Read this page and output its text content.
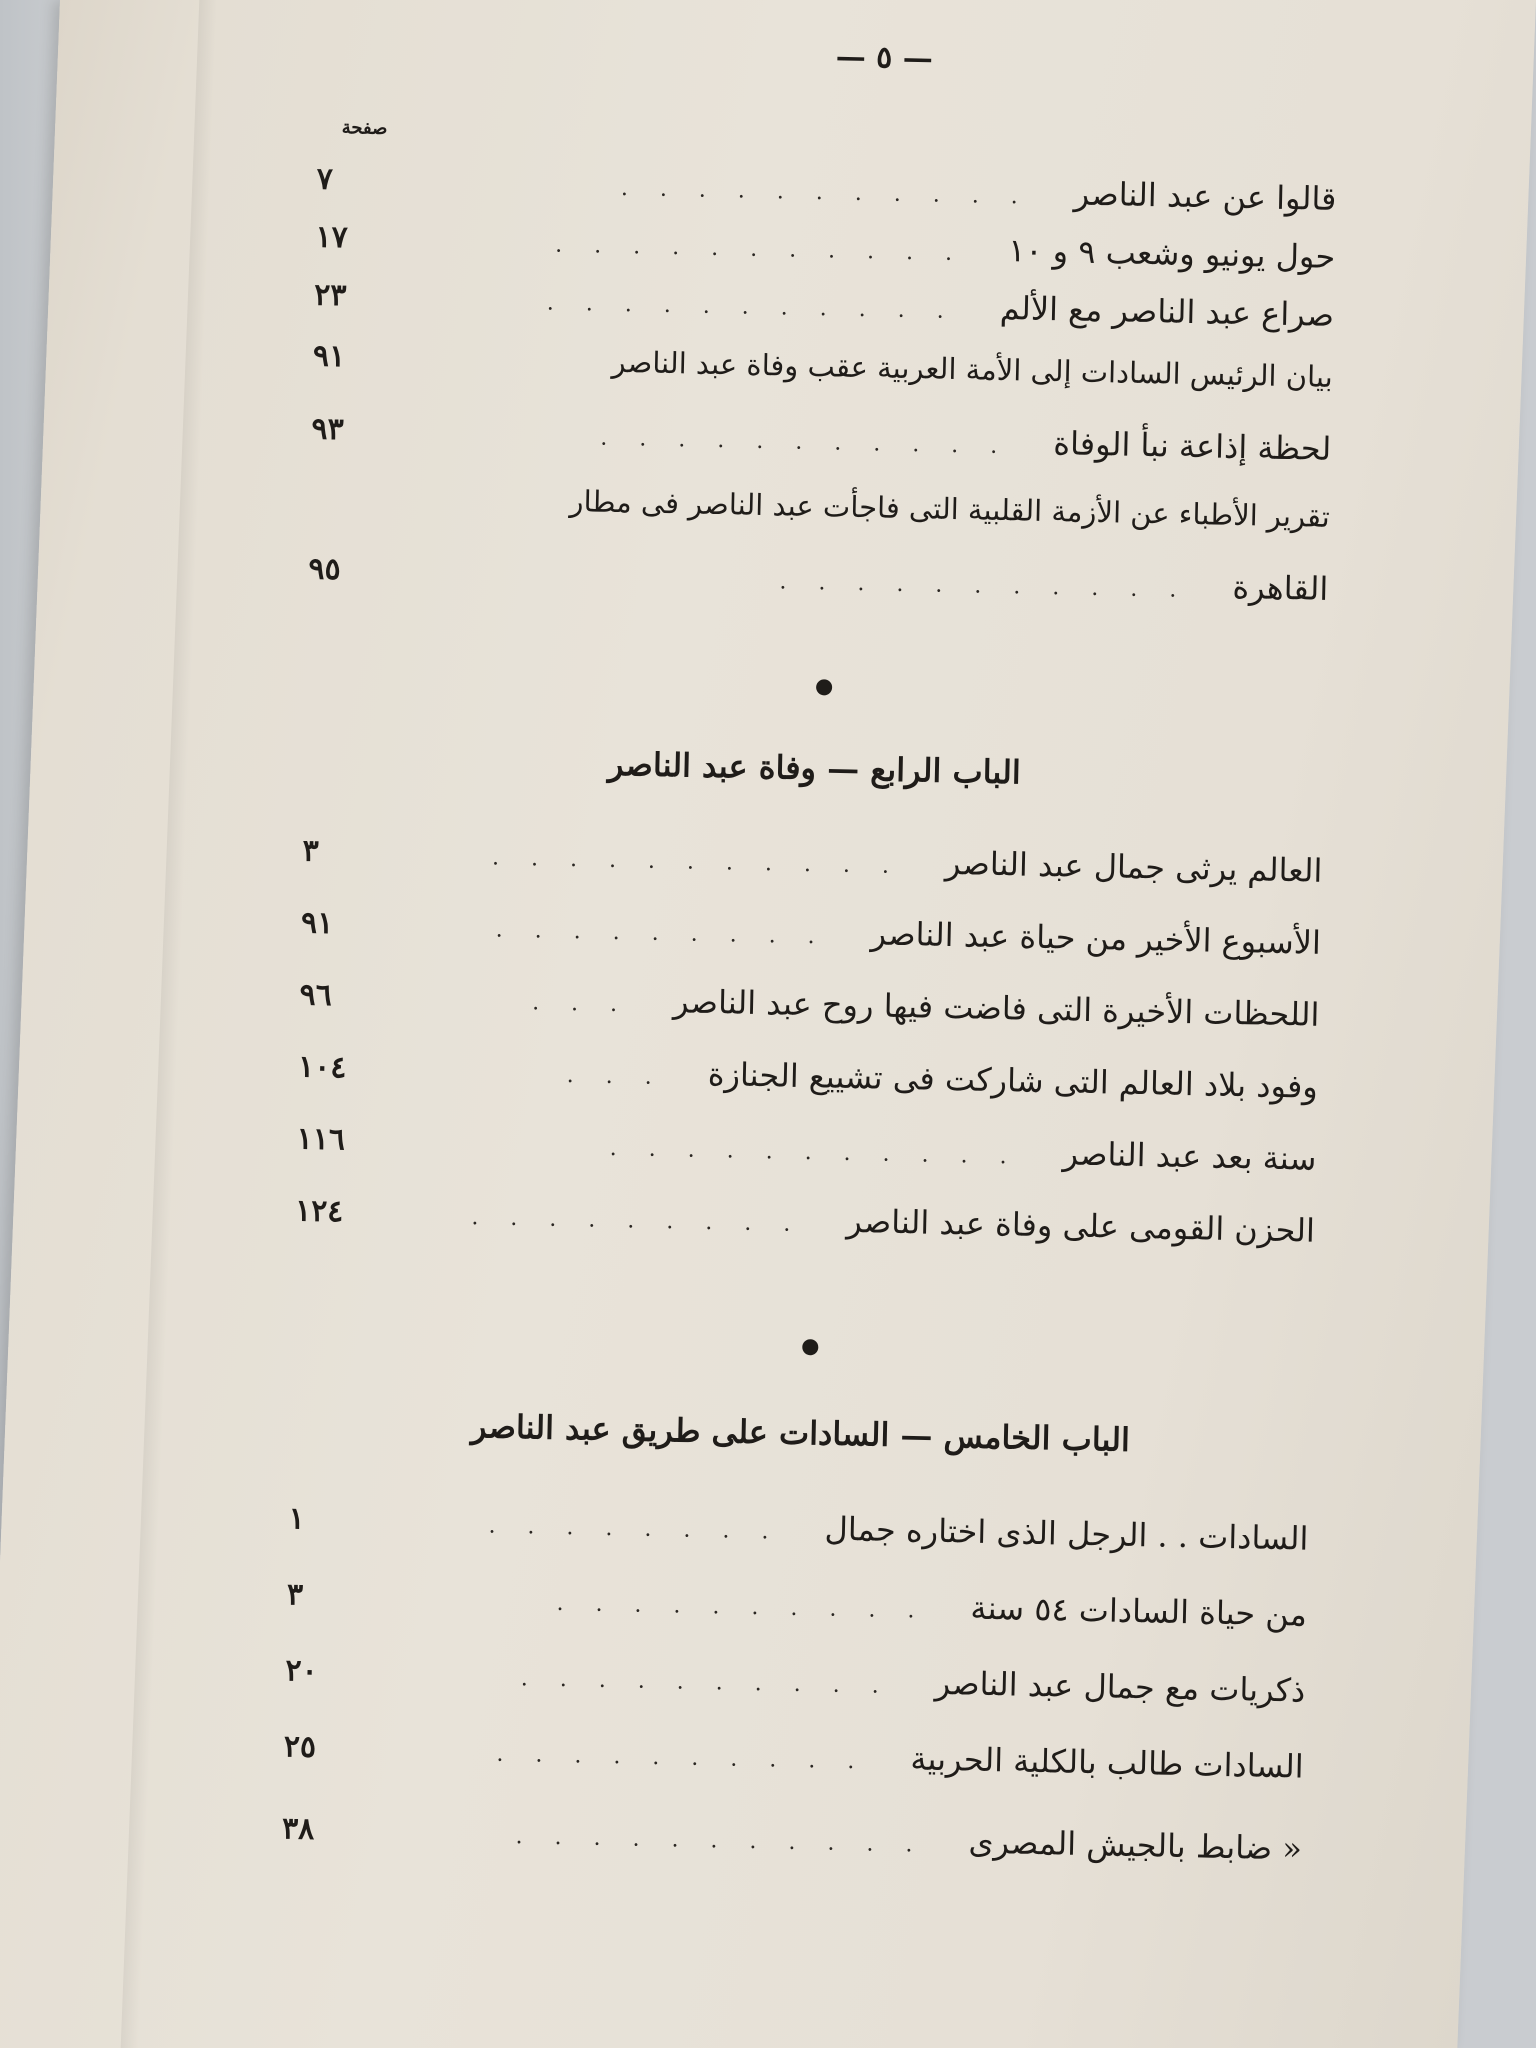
— ٥ —
صفحة
قالوا عن عبد الناصر
...........
٧
حول يونيو وشعب ٩ و ١٠
...........
١٧
صراع عبد الناصر مع الألم
...........
٢٣
بيان الرئيس السادات إلى الأمة العربية عقب وفاة عبد الناصر
٩١
لحظة إذاعة نبأ الوفاة
...........
٩٣
تقرير الأطباء عن الأزمة القلبية التى فاجأت عبد الناصر فى مطار
القاهرة
...........
٩٥
الباب الرابع — وفاة عبد الناصر
العالم يرثى جمال عبد الناصر
...........
٣
الأسبوع الأخير من حياة عبد الناصر
.........
٩١
اللحظات الأخيرة التى فاضت فيها روح عبد الناصر
...
٩٦
وفود بلاد العالم التى شاركت فى تشييع الجنازة
...
١٠٤
سنة بعد عبد الناصر
...........
١١٦
الحزن القومى على وفاة عبد الناصر
.........
١٢٤
الباب الخامس — السادات على طريق عبد الناصر
السادات . . الرجل الذى اختاره جمال
........
١
من حياة السادات ٥٤ سنة
..........
٣
ذكريات مع جمال عبد الناصر
..........
٢٠
السادات طالب بالكلية الحربية
..........
٢٥
« ضابط بالجيش المصرى
...........
٣٨
